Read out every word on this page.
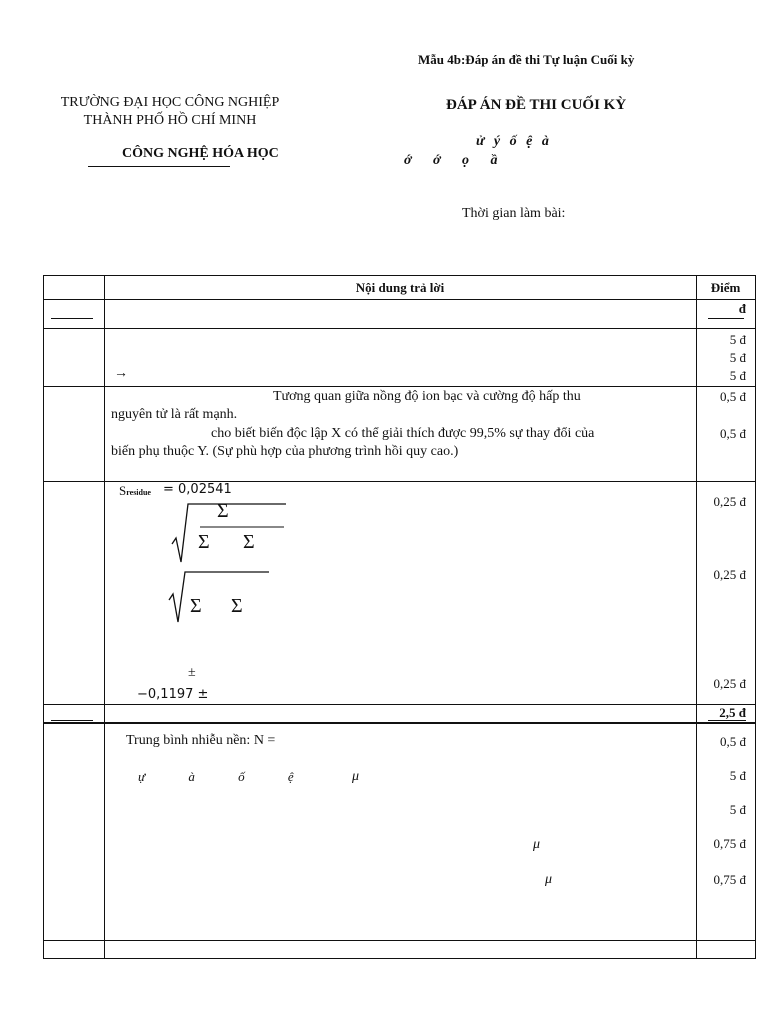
Mẫu 4b:Đáp án đề thi Tự luận Cuối kỳ
TRƯỜNG ĐẠI HỌC CÔNG NGHIỆP
THÀNH PHỐ HỒ CHÍ MINH
CÔNG NGHỆ HÓA HỌC
ĐÁP ÁN ĐỀ THI CUỐI KỲ
ử ý ố ệ à
ớ ớ ọ ầ
Thời gian làm bài:
Nội dung trả lời	Điểm
đ
→
5 đ
5 đ
5 đ
Tương quan giữa nồng độ ion bạc và cường độ hấp thu
nguyên tử là rất mạnh.
cho biết biến độc lập X có thể giải thích được 99,5% sự thay đổi của
biến phụ thuộc Y. (Sự phù hợp của phương trình hồi quy cao.)
0,5 đ
0,5 đ
Sresidue = 0,02541
Σ
Σ Σ
Σ Σ
±
−0,1197 ±
0,25 đ
0,25 đ
0,25 đ
2,5 đ
Trung bình nhiễu nền: N =
ự à ố ệ	μ
μ
μ
0,5 đ
5 đ
5 đ
0,75 đ
0,75 đ
